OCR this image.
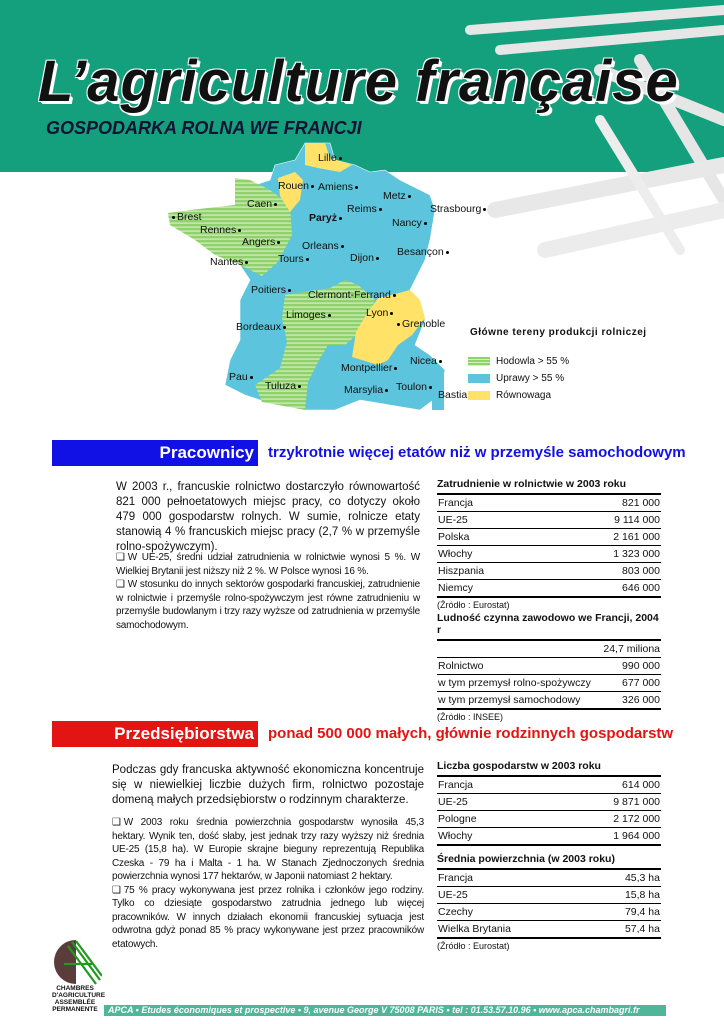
L’agriculture française
GOSPODARKA ROLNA WE FRANCJI
Lille
Rouen Amiens
Metz
Caen	Reims	Strasbourg
Brest	Paryż	Nancy
Rennes
Angers	Orleans
Nantes	Tours	Dijon	Besançon
Poitiers	Clermont-Ferrand
Limoges	Lyon
Grenoble
Bordeaux
Nicea
Montpellier
Pau
Tuluza	Marsylia	Toulon
Bastia
Główne tereny produkcji rolniczej
Hodowla > 55 %
Uprawy > 55 %
Równowaga
Pracownicy trzykrotnie więcej etatów niż w przemyśle samochodowym
W 2003 r., francuskie rolnictwo dostarczyło równowartość 821 000 pełnoetatowych miejsc pracy, co dotyczy około 479 000 gospodarstw rolnych. W sumie, rolnicze etaty stanowią 4 % francuskich miejsc pracy (2,7 % w przemyśle rolno-spożywczym).
❑ W UE-25, średni udział zatrudnienia w rolnictwie wynosi 5 %. W Wielkiej Brytanii jest niższy niż 2 %. W Polsce wynosi 16 %.
❑ W stosunku do innych sektorów gospodarki francuskiej, zatrudnienie w rolnictwie i przemyśle rolno-spożywczym jest równe zatrudnieniu w przemyśle budowlanym i trzy razy wyższe od zatrudnienia w przemyśle samochodowym.
Zatrudnienie w rolnictwie w 2003 roku
Francja	821 000
UE-25	9 114 000
Polska	2 161 000
Włochy	1 323 000
Hiszpania	803 000
Niemcy	646 000
(Źródło : Eurostat)
Ludność czynna zawodowo we Francji, 2004 r
24,7 miliona
Rolnictwo	990 000
w tym przemysł rolno-spożywczy	677 000
w tym przemysł samochodowy	326 000
(Źródło : INSEE)
Przedsiębiorstwa ponad 500 000 małych, głównie rodzinnych gospodarstw
Podczas gdy francuska aktywność ekonomiczna koncentruje się w niewielkiej liczbie dużych firm, rolnictwo pozostaje domeną małych przedsiębiorstw o rodzinnym charakterze.
❑ W 2003 roku średnia powierzchnia gospodarstw wynosiła 45,3 hektary. Wynik ten, dość słaby, jest jednak trzy razy wyższy niż średnia UE-25 (15,8 ha). W Europie skrajne bieguny reprezentują Republika Czeska - 79 ha i Malta - 1 ha. W Stanach Zjednoczonych średnia powierzchnia wynosi 177 hektarów, w Japonii natomiast 2 hektary.
❑ 75 % pracy wykonywana jest przez rolnika i członków jego rodziny. Tylko co dziesiąte gospodarstwo zatrudnia jednego lub więcej pracowników. W innych działach ekonomii francuskiej sytuacja jest odwrotna gdyż ponad 85 % pracy wykonywane jest przez pracowników etatowych.
Liczba gospodarstw w 2003 roku
Francja	614 000
UE-25	9 871 000
Pologne	2 172 000
Włochy	1 964 000
Średnia powierzchnia (w 2003 roku)
Francja	45,3 ha
UE-25	15,8 ha
Czechy	79,4 ha
Wielka Brytania	57,4 ha
(Źródło : Eurostat)
CHAMBRES D'AGRICULTURE ASSEMBLÉE PERMANENTE	APCA • Etudes économiques et prospective • 9, avenue George V 75008 PARIS • tel : 01.53.57.10.96 • www.apca.chambagri.fr
